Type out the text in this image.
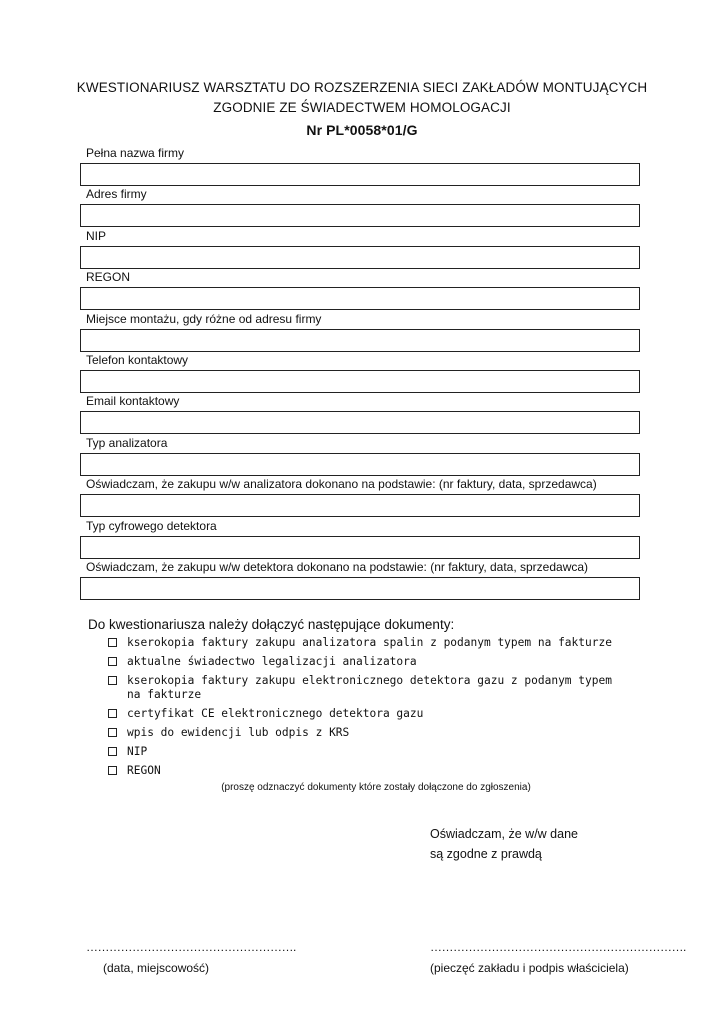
KWESTIONARIUSZ WARSZTATU DO ROZSZERZENIA SIECI ZAKŁADÓW MONTUJĄCYCH
ZGODNIE ZE ŚWIADECTWEM HOMOLOGACJI
Nr PL*0058*01/G
Pełna nazwa firmy
Adres firmy
NIP
REGON
Miejsce montażu, gdy różne od adresu firmy
Telefon kontaktowy
Email kontaktowy
Typ analizatora
Oświadczam, że zakupu w/w analizatora dokonano na podstawie: (nr faktury, data, sprzedawca)
Typ cyfrowego detektora
Oświadczam, że zakupu w/w detektora dokonano na podstawie: (nr faktury, data, sprzedawca)
Do kwestionariusza należy dołączyć następujące dokumenty:
kserokopia faktury zakupu analizatora spalin z podanym typem na fakturze
aktualne świadectwo legalizacji analizatora
kserokopia faktury zakupu elektronicznego detektora gazu z podanym typem
na fakturze
certyfikat CE elektronicznego detektora gazu
wpis do ewidencji lub odpis z KRS
NIP
REGON
(proszę odznaczyć dokumenty które zostały dołączone do zgłoszenia)
Oświadczam, że w/w dane
są zgodne z prawdą
……………………………………………….	………………………………………………………….
(data, miejscowość)	(pieczęć zakładu i podpis właściciela)
